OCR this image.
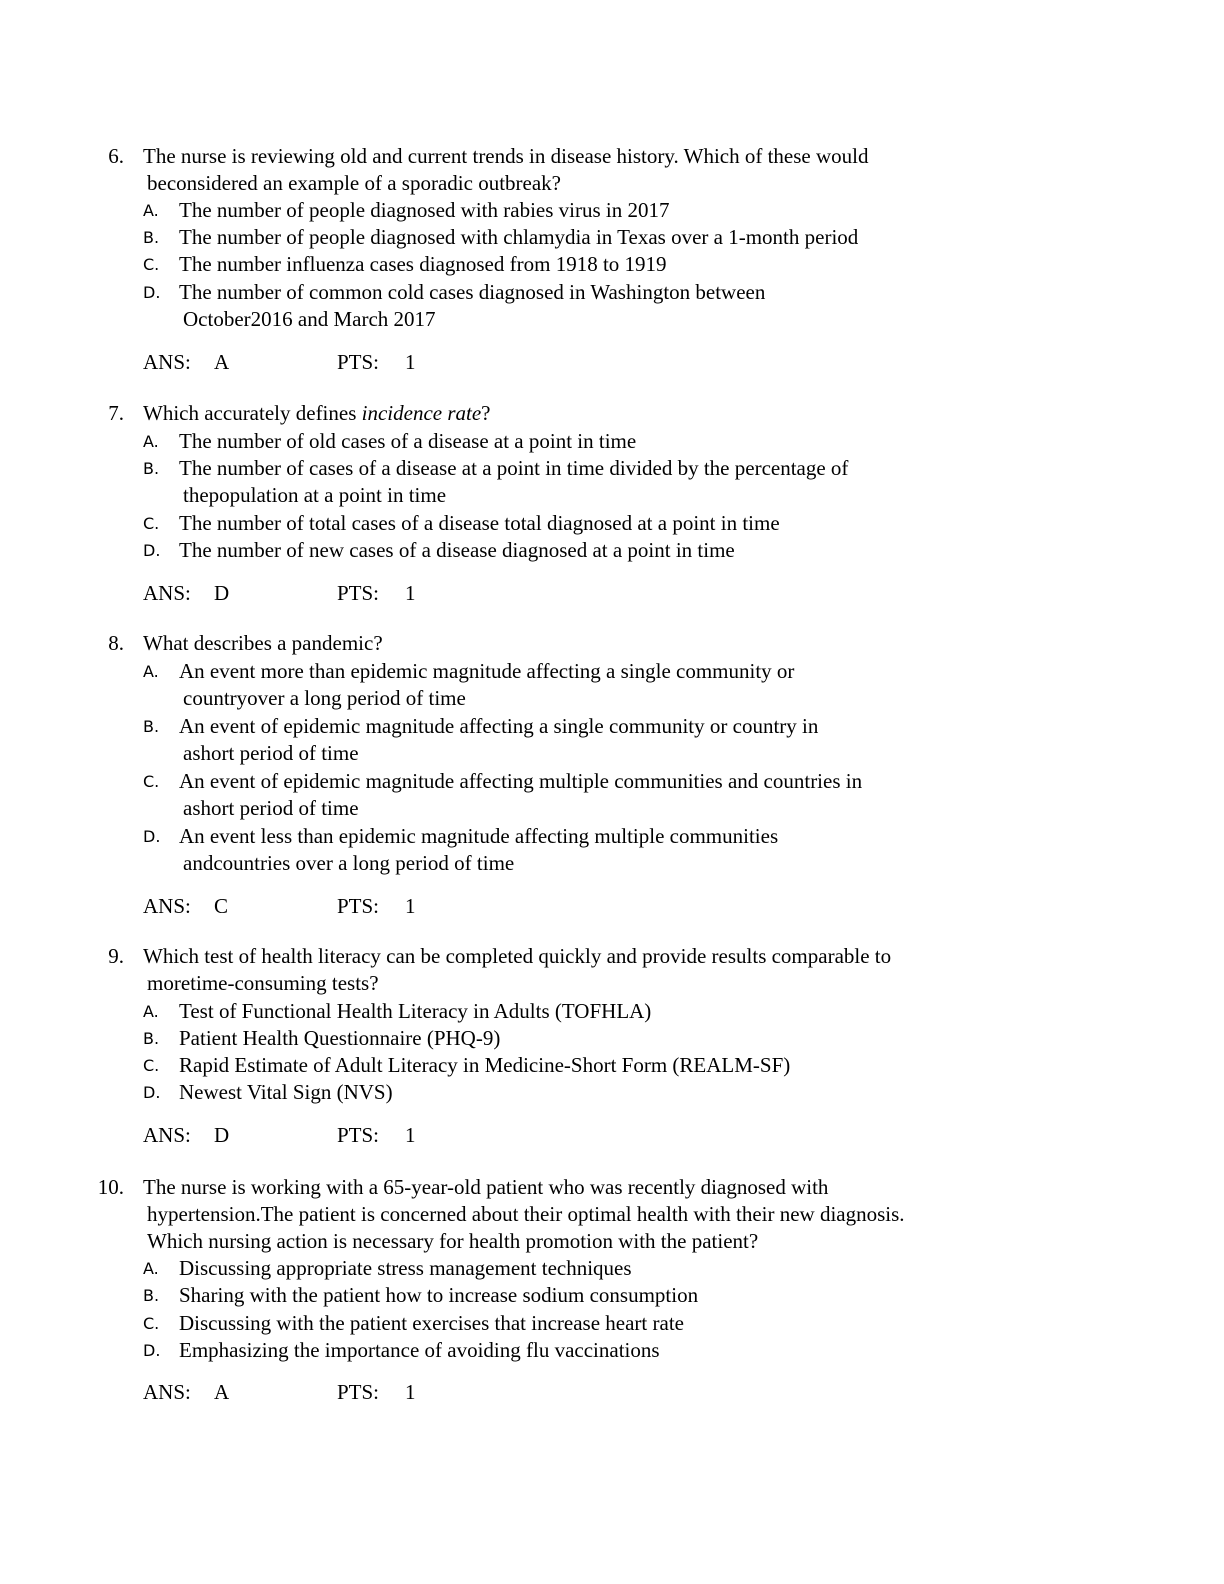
6. The nurse is reviewing old and current trends in disease history. Which of these would
beconsidered an example of a sporadic outbreak?
A. The number of people diagnosed with rabies virus in 2017
B. The number of people diagnosed with chlamydia in Texas over a 1-month period
C. The number influenza cases diagnosed from 1918 to 1919
D. The number of common cold cases diagnosed in Washington between
October2016 and March 2017
ANS: A	PTS: 1
7. Which accurately defines incidence rate?
A. The number of old cases of a disease at a point in time
B. The number of cases of a disease at a point in time divided by the percentage of
thepopulation at a point in time
C. The number of total cases of a disease total diagnosed at a point in time
D. The number of new cases of a disease diagnosed at a point in time
ANS: D	PTS: 1
8. What describes a pandemic?
A. An event more than epidemic magnitude affecting a single community or
countryover a long period of time
B. An event of epidemic magnitude affecting a single community or country in
ashort period of time
C. An event of epidemic magnitude affecting multiple communities and countries in
ashort period of time
D. An event less than epidemic magnitude affecting multiple communities
andcountries over a long period of time
ANS: C	PTS: 1
9. Which test of health literacy can be completed quickly and provide results comparable to
moretime-consuming tests?
A. Test of Functional Health Literacy in Adults (TOFHLA)
B. Patient Health Questionnaire (PHQ-9)
C. Rapid Estimate of Adult Literacy in Medicine-Short Form (REALM-SF)
D. Newest Vital Sign (NVS)
ANS: D	PTS: 1
10. The nurse is working with a 65-year-old patient who was recently diagnosed with
hypertension.The patient is concerned about their optimal health with their new diagnosis.
Which nursing action is necessary for health promotion with the patient?
A. Discussing appropriate stress management techniques
B. Sharing with the patient how to increase sodium consumption
C. Discussing with the patient exercises that increase heart rate
D. Emphasizing the importance of avoiding flu vaccinations
ANS: A	PTS: 1
